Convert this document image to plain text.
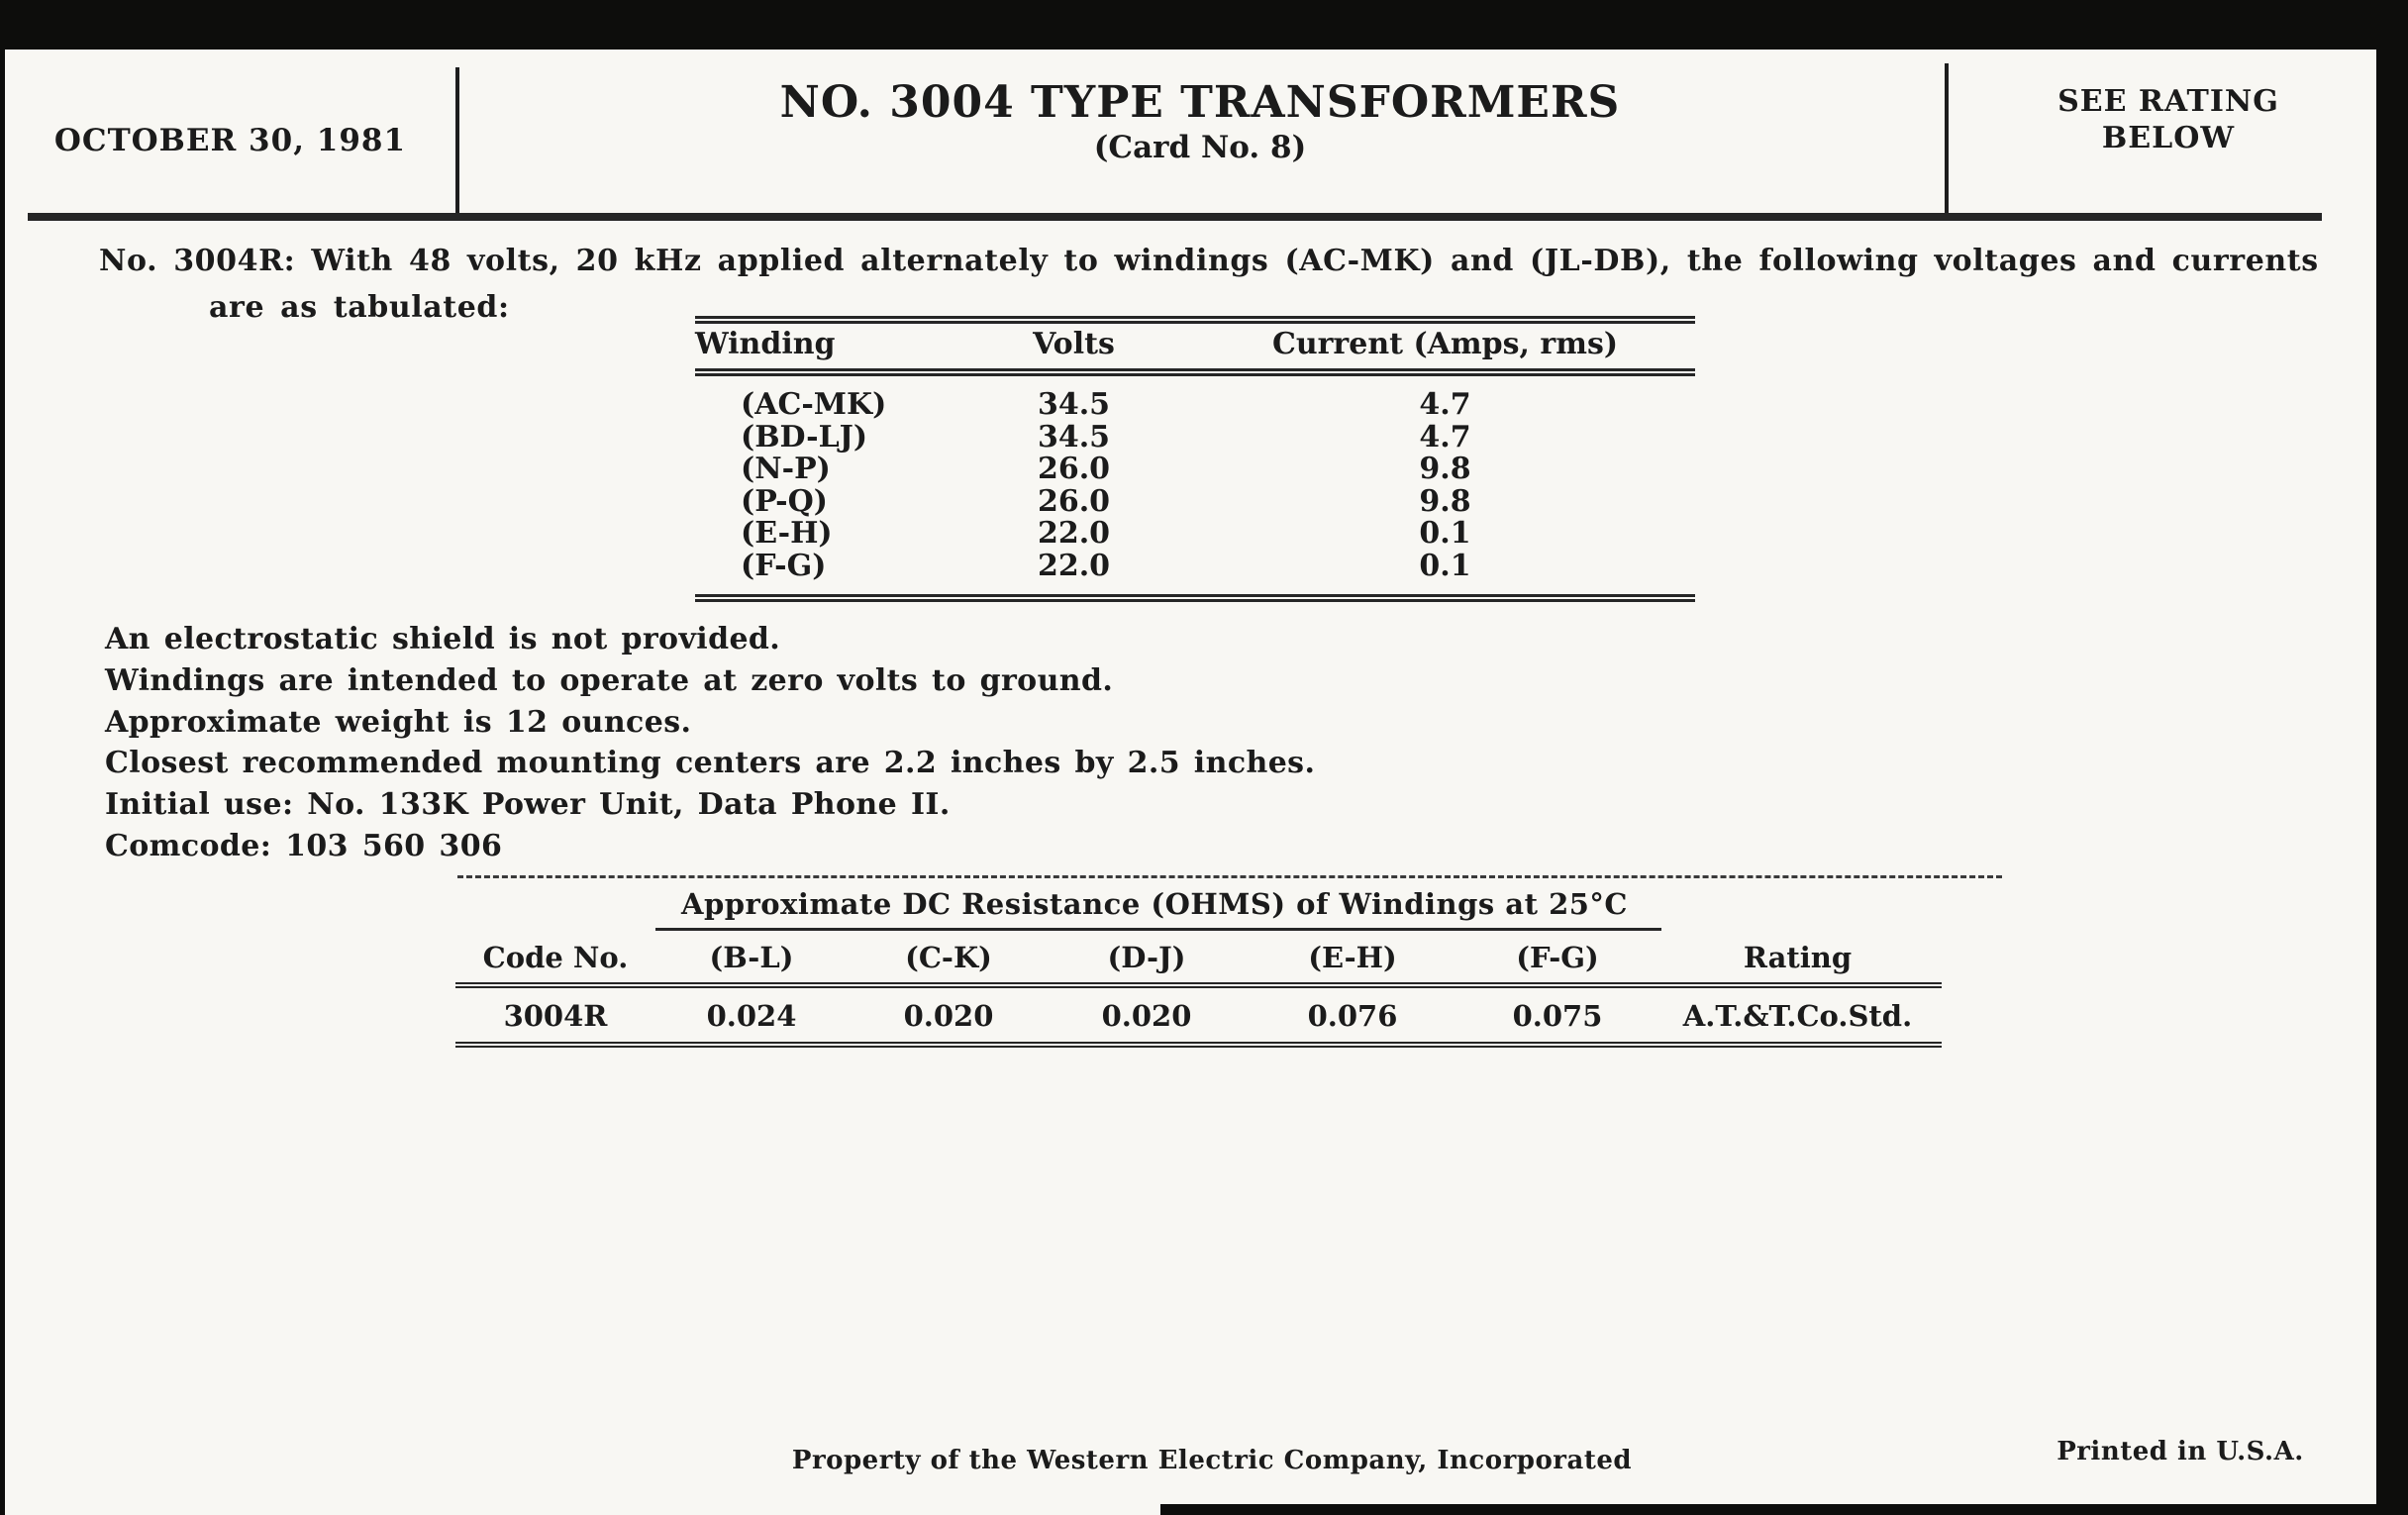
OCTOBER 30, 1981
NO. 3004 TYPE TRANSFORMERS
(Card No. 8)
SEE RATING
BELOW
No. 3004R: With 48 volts, 20 kHz applied alternately to windings (AC-MK) and (JL-DB), the following voltages and currents
are as tabulated:
Winding	Volts	Current (Amps, rms)
(AC-MK)	34.5	4.7
(BD-LJ)	34.5	4.7
(N-P)	26.0	9.8
(P-Q)	26.0	9.8
(E-H)	22.0	0.1
(F-G)	22.0	0.1
An electrostatic shield is not provided.
Windings are intended to operate at zero volts to ground.
Approximate weight is 12 ounces.
Closest recommended mounting centers are 2.2 inches by 2.5 inches.
Initial use: No. 133K Power Unit, Data Phone II.
Comcode: 103 560 306
Approximate DC Resistance (OHMS) of Windings at 25°C
Code No.	(B-L)	(C-K)	(D-J)	(E-H)	(F-G)	Rating
3004R	0.024	0.020	0.020	0.076	0.075	A.T.&T.Co.Std.
Property of the Western Electric Company, Incorporated	Printed in U.S.A.
